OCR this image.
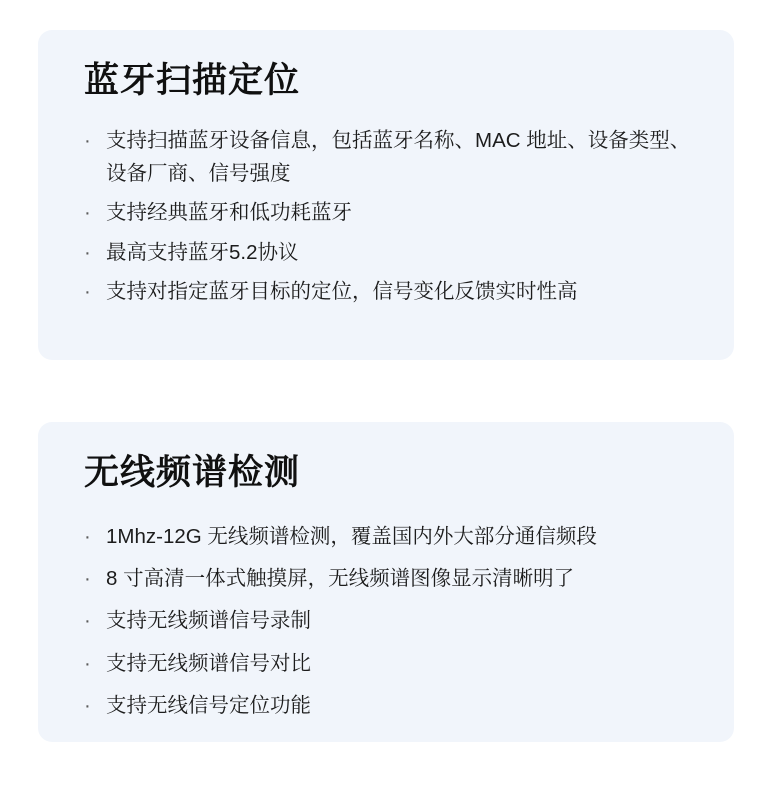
蓝牙扫描定位
· 支持扫描蓝牙设备信息，包括蓝牙名称、MAC 地址、设备类型、设备厂商、信号强度
· 支持经典蓝牙和低功耗蓝牙
· 最高支持蓝牙5.2协议
· 支持对指定蓝牙目标的定位，信号变化反馈实时性高
无线频谱检测
· 1Mhz-12G 无线频谱检测，覆盖国内外大部分通信频段
· 8 寸高清一体式触摸屏，无线频谱图像显示清晰明了
· 支持无线频谱信号录制
· 支持无线频谱信号对比
· 支持无线信号定位功能
